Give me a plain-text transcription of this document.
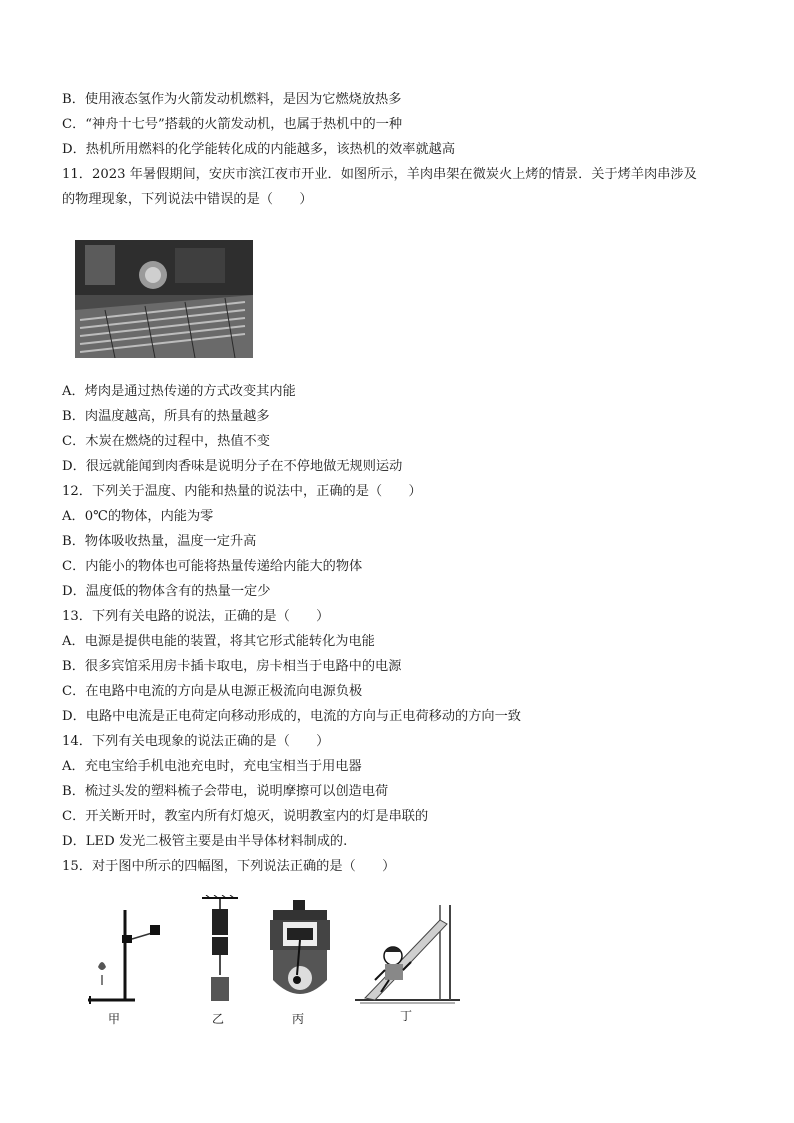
B．使用液态氢作为火箭发动机燃料，是因为它燃烧放热多
C．“神舟十七号”搭载的火箭发动机，也属于热机中的一种
D．热机所用燃料的化学能转化成的内能越多，该热机的效率就越高
11．2023 年暑假期间，安庆市滨江夜市开业．如图所示，羊肉串架在微炭火上烤的情景．关于烤羊肉串涉及
的物理现象，下列说法中错误的是（　　）
A．烤肉是通过热传递的方式改变其内能
B．肉温度越高，所具有的热量越多
C．木炭在燃烧的过程中，热值不变
D．很远就能闻到肉香味是说明分子在不停地做无规则运动
12．下列关于温度、内能和热量的说法中，正确的是（　　）
A．0℃的物体，内能为零
B．物体吸收热量，温度一定升高
C．内能小的物体也可能将热量传递给内能大的物体
D．温度低的物体含有的热量一定少
13．下列有关电路的说法，正确的是（　　）
A．电源是提供电能的装置，将其它形式能转化为电能
B．很多宾馆采用房卡插卡取电，房卡相当于电路中的电源
C．在电路中电流的方向是从电源正极流向电源负极
D．电路中电流是正电荷定向移动形成的，电流的方向与正电荷移动的方向一致
14．下列有关电现象的说法正确的是（　　）
A．充电宝给手机电池充电时，充电宝相当于用电器
B．梳过头发的塑料梳子会带电，说明摩擦可以创造电荷
C．开关断开时，教室内所有灯熄灭，说明教室内的灯是串联的
D．LED 发光二极管主要是由半导体材料制成的.
15．对于图中所示的四幅图，下列说法正确的是（　　）
甲	乙	丙	丁
